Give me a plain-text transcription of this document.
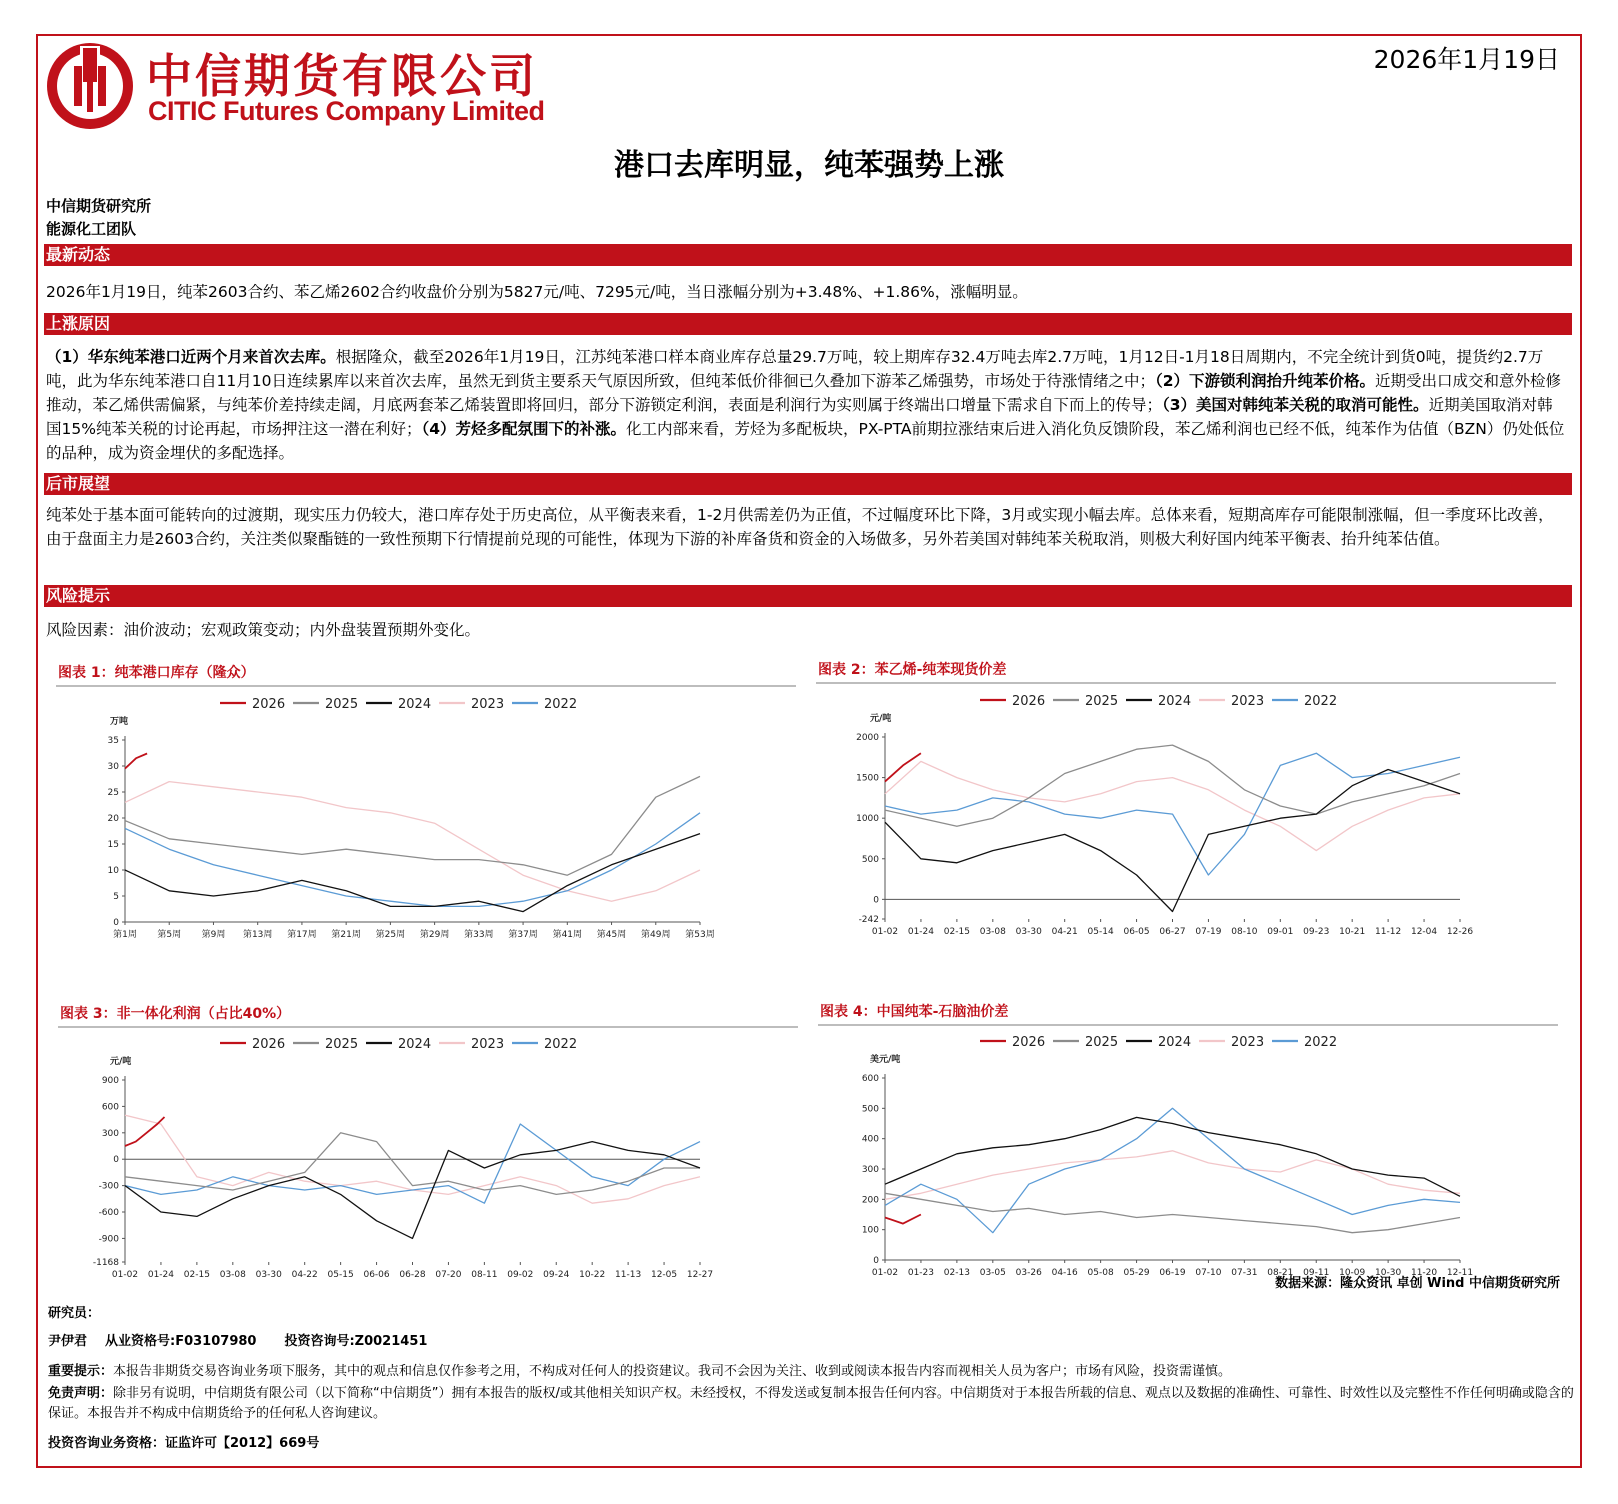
中信期货有限公司
CITIC Futures Company Limited
2026年1月19日
港口去库明显，纯苯强势上涨
中信期货研究所
能源化工团队
最新动态
2026年1月19日，纯苯2603合约、苯乙烯2602合约收盘价分别为5827元/吨、7295元/吨，当日涨幅分别为+3.48%、+1.86%，涨幅明显。
上涨原因
（1）华东纯苯港口近两个月来首次去库。根据隆众，截至2026年1月19日，江苏纯苯港口样本商业库存总量29.7万吨，较上期库存32.4万吨去库2.7万吨，1月12日-1月18日周期内，不完全统计到货0吨，提货约2.7万吨，此为华东纯苯港口自11月10日连续累库以来首次去库，虽然无到货主要系天气原因所致，但纯苯低价徘徊已久叠加下游苯乙烯强势，市场处于待涨情绪之中；（2）下游锁利润抬升纯苯价格。近期受出口成交和意外检修推动，苯乙烯供需偏紧，与纯苯价差持续走阔，月底两套苯乙烯装置即将回归，部分下游锁定利润，表面是利润行为实则属于终端出口增量下需求自下而上的传导；（3）美国对韩纯苯关税的取消可能性。近期美国取消对韩国15%纯苯关税的讨论再起，市场押注这一潜在利好；（4）芳烃多配氛围下的补涨。化工内部来看，芳烃为多配板块，PX-PTA前期拉涨结束后进入消化负反馈阶段，苯乙烯利润也已经不低，纯苯作为估值（BZN）仍处低位的品种，成为资金埋伏的多配选择。
后市展望
纯苯处于基本面可能转向的过渡期，现实压力仍较大，港口库存处于历史高位，从平衡表来看，1-2月供需差仍为正值，不过幅度环比下降，3月或实现小幅去库。总体来看，短期高库存可能限制涨幅，但一季度环比改善，由于盘面主力是2603合约，关注类似聚酯链的一致性预期下行情提前兑现的可能性，体现为下游的补库备货和资金的入场做多，另外若美国对韩纯苯关税取消，则极大利好国内纯苯平衡表、抬升纯苯估值。
风险提示
风险因素：油价波动；宏观政策变动；内外盘装置预期外变化。
图表 1：纯苯港口库存（隆众）
2026	2025	2024	2023	2022
万吨
35
30
25
20
15
10
5
0
第1周 第5周 第9周 第13周 第17周 第21周 第25周 第29周 第33周 第37周 第41周 第45周 第49周 第53周
图表 2：苯乙烯-纯苯现货价差
2026	2025	2024	2023	2022
元/吨
2000
1500
1000
500
0
-242
01-02 01-24 02-15 03-08 03-30 04-21 05-14 06-05 06-27 07-19 08-10 09-01 09-23 10-21 11-12 12-04 12-26
图表 3：非一体化利润（占比40%）
2026	2025	2024	2023	2022
元/吨
900
600
300
0
-300
-600
-900
-1168
01-02 01-24 02-15 03-08 03-30 04-22 05-15 06-06 06-28 07-20 08-11 09-02 09-24 10-22 11-13 12-05 12-27
图表 4：中国纯苯-石脑油价差
2026	2025	2024	2023	2022
美元/吨
600
500
400
300
200
100
0
01-02 01-23 02-13 03-05 03-26 04-16 05-08 05-29 06-19 07-10 07-31 08-21 09-11 10-09 10-30 11-20 12-11
数据来源：隆众资讯 卓创 Wind 中信期货研究所
研究员：
尹伊君 从业资格号:F03107980 投资咨询号:Z0021451
重要提示：本报告非期货交易咨询业务项下服务，其中的观点和信息仅作参考之用，不构成对任何人的投资建议。我司不会因为关注、收到或阅读本报告内容而视相关人员为客户；市场有风险，投资需谨慎。
免责声明：除非另有说明，中信期货有限公司（以下简称“中信期货”）拥有本报告的版权/或其他相关知识产权。未经授权，不得发送或复制本报告任何内容。中信期货对于本报告所载的信息、观点以及数据的准确性、可靠性、时效性以及完整性不作任何明确或隐含的保证。本报告并不构成中信期货给予的任何私人咨询建议。
投资咨询业务资格：证监许可【2012】669号
